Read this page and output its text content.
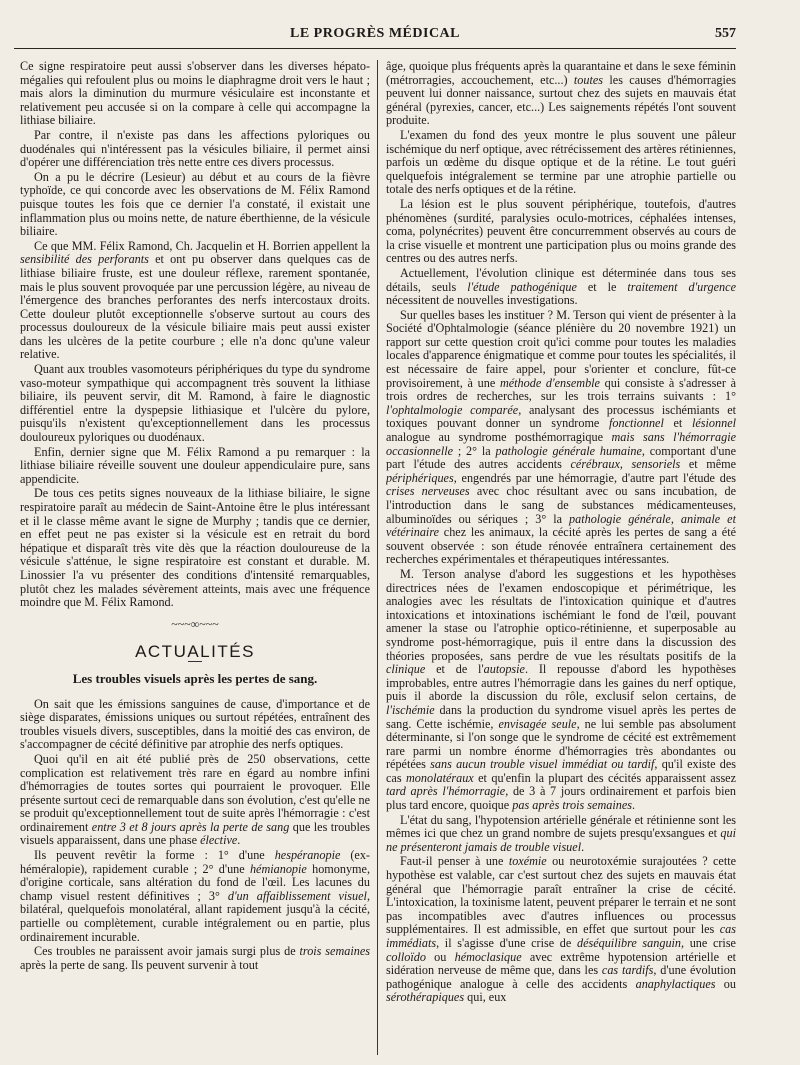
LE PROGRÈS MÉDICAL	557

Ce signe respiratoire peut aussi s'observer dans les diverses hépato-mégalies qui refoulent plus ou moins le diaphragme droit vers le haut ; mais alors la diminution du murmure vésiculaire est inconstante et relativement peu accusée si on la compare à celle qui accompagne la lithiase biliaire.

Par contre, il n'existe pas dans les affections pyloriques ou duodénales qui n'intéressent pas la vésicules biliaire, il permet ainsi d'opérer une différenciation très nette entre ces divers processus.

On a pu le décrire (Lesieur) au début et au cours de la fièvre typhoïde, ce qui concorde avec les observations de M. Félix Ramond puisque toutes les fois que ce dernier l'a constaté, il existait une inflammation plus ou moins nette, de nature éberthienne, de la vésicule biliaire.

Ce que MM. Félix Ramond, Ch. Jacquelin et H. Borrien appellent la sensibilité des perforants et ont pu observer dans quelques cas de lithiase biliaire fruste, est une douleur réflexe, rarement spontanée, mais le plus souvent provoquée par une percussion légère, au niveau de l'émergence des branches perforantes des nerfs intercostaux droits. Cette douleur plutôt exceptionnelle s'observe surtout au cours des processus douloureux de la vésicule biliaire mais peut aussi exister dans les ulcères de la petite courbure ; elle n'a donc qu'une valeur relative.

Quant aux troubles vasomoteurs périphériques du type du syndrome vaso-moteur sympathique qui accompagnent très souvent la lithiase biliaire, ils peuvent servir, dit M. Ramond, à faire le diagnostic différentiel entre la dyspepsie lithiasique et l'ulcère du pylore, puisqu'ils n'existent qu'exceptionnellement dans les processus douloureux pyloriques ou duodénaux.

Enfin, dernier signe que M. Félix Ramond a pu remarquer : la lithiase biliaire réveille souvent une douleur appendiculaire pure, sans appendicite.

De tous ces petits signes nouveaux de la lithiase biliaire, le signe respiratoire paraît au médecin de Saint-Antoine être le plus intéressant et il le classe même avant le signe de Murphy ; tandis que ce dernier, en effet peut ne pas exister si la vésicule est en retrait du bord hépatique et disparaît très vite dès que la réaction douloureuse de la vésicule s'atténue, le signe respiratoire est constant et durable. M. Linossier l'a vu présenter des conditions d'intensité remarquables, plutôt chez les malades sévèrement atteints, mais avec une fréquence moindre que M. Félix Ramond.

~~~∞~~~
ACTUALITÉS
Les troubles visuels après les pertes de sang.

On sait que les émissions sanguines de cause, d'importance et de siège disparates, émissions uniques ou surtout répétées, entraînent des troubles visuels divers, susceptibles, dans la moitié des cas environ, de s'accompagner de cécité définitive par atrophie des nerfs optiques.

Quoi qu'il en ait été publié près de 250 observations, cette complication est relativement très rare en égard au nombre infini d'hémorragies de toutes sortes qui pourraient le provoquer. Elle présente surtout ceci de remarquable dans son évolution, c'est qu'elle ne se produit qu'exceptionnellement tout de suite après l'hémorragie : c'est ordinairement entre 3 et 8 jours après la perte de sang que les troubles visuels apparaissent, dans une phase élective.

Ils peuvent revêtir la forme : 1° d'une hespéranopie (ex-héméralopie), rapidement curable ; 2° d'une hémianopie homonyme, d'origine corticale, sans altération du fond de l'œil. Les lacunes du champ visuel restent définitives ; 3° d'un affaiblissement visuel, bilatéral, quelquefois monolatéral, allant rapidement jusqu'à la cécité, partielle ou complètement, curable intégralement ou en partie, plus ordinairement incurable.

Ces troubles ne paraissent avoir jamais surgi plus de trois semaines après la perte de sang. Ils peuvent survenir à tout

âge, quoique plus fréquents après la quarantaine et dans le sexe féminin (métrorragies, accouchement, etc...) toutes les causes d'hémorragies peuvent lui donner naissance, surtout chez des sujets en mauvais état général (pyrexies, cancer, etc...) Les saignements répétés l'ont souvent produite.

L'examen du fond des yeux montre le plus souvent une pâleur ischémique du nerf optique, avec rétrécissement des artères rétiniennes, parfois un œdème du disque optique et de la rétine. Le tout guéri quelquefois intégralement se termine par une atrophie partielle ou totale des nerfs optiques et de la rétine.

La lésion est le plus souvent périphérique, toutefois, d'autres phénomènes (surdité, paralysies oculo-motrices, céphalées intenses, coma, polynécrites) peuvent être concurremment observés au cours de la crise visuelle et montrent une participation plus ou moins grande des centres ou des autres nerfs.

Actuellement, l'évolution clinique est déterminée dans tous ses détails, seuls l'étude pathogénique et le traitement d'urgence nécessitent de nouvelles investigations.

Sur quelles bases les instituer ? M. Terson qui vient de présenter à la Société d'Ophtalmologie (séance plénière du 20 novembre 1921) un rapport sur cette question croit qu'ici comme pour toutes les maladies locales d'apparence énigmatique et comme pour toutes les spécialités, il est nécessaire de faire appel, pour s'orienter et conclure, fût-ce provisoirement, à une méthode d'ensemble qui consiste à s'adresser à trois ordres de recherches, sur les trois terrains suivants : 1° l'ophtalmologie comparée, analysant des processus ischémiants et toxiques pouvant donner un syndrome fonctionnel et lésionnel analogue au syndrome posthémorragique mais sans l'hémorragie occasionnelle ; 2° la pathologie générale humaine, comportant d'une part l'étude des autres accidents cérébraux, sensoriels et même périphériques, engendrés par une hémorragie, d'autre part l'étude des crises nerveuses avec choc résultant avec ou sans incubation, de l'introduction dans le sang de substances médicamenteuses, albuminoïdes ou sériques ; 3° la pathologie générale, animale et vétérinaire chez les animaux, la cécité après les pertes de sang a été souvent observée : son étude rénovée entraînera certainement des recherches expérimentales et thérapeutiques intéressantes.

M. Terson analyse d'abord les suggestions et les hypothèses directrices nées de l'examen endoscopique et périmétrique, les analogies avec les résultats de l'intoxication quinique et d'autres intoxications et intoxinations ischémiant le fond de l'œil, pouvant amener la stase ou l'atrophie optico-rétinienne, et superposable au syndrome post-hémorragique, puis il entre dans la discussion des théories proposées, sans perdre de vue les résultats positifs de la clinique et de l'autopsie. Il repousse d'abord les hypothèses improbables, entre autres l'hémorragie dans les gaines du nerf optique, puis il aborde la discussion du rôle, exclusif selon certains, de l'ischémie dans la production du syndrome visuel après les pertes de sang. Cette ischémie, envisagée seule, ne lui semble pas absolument déterminante, si l'on songe que le syndrome de cécité est extrêmement rare parmi un nombre énorme d'hémorragies très abondantes ou répétées sans aucun trouble visuel immédiat ou tardif, qu'il existe des cas monolatéraux et qu'enfin la plupart des cécités apparaissent assez tard après l'hémorragie, de 3 à 7 jours ordinairement et parfois bien plus tard encore, quoique pas après trois semaines.

L'état du sang, l'hypotension artérielle générale et rétinienne sont les mêmes ici que chez un grand nombre de sujets presqu'exsangues et qui ne présenteront jamais de trouble visuel.

Faut-il penser à une toxémie ou neurotoxémie surajoutées ? cette hypothèse est valable, car c'est surtout chez des sujets en mauvais état général que l'hémorragie paraît entraîner la crise de cécité. L'intoxication, la toxinisme latent, peuvent préparer le terrain et ne sont pas incompatibles avec d'autres influences ou processus supplémentaires. Il est admissible, en effet que surtout pour les cas immédiats, il s'agisse d'une crise de déséquilibre sanguin, une crise colloïdo ou hémoclasique avec extrême hypotension artérielle et sidération nerveuse de même que, dans les cas tardifs, d'une évolution pathogénique analogue à celle des accidents anaphylactiques ou sérothérapiques qui, eux
